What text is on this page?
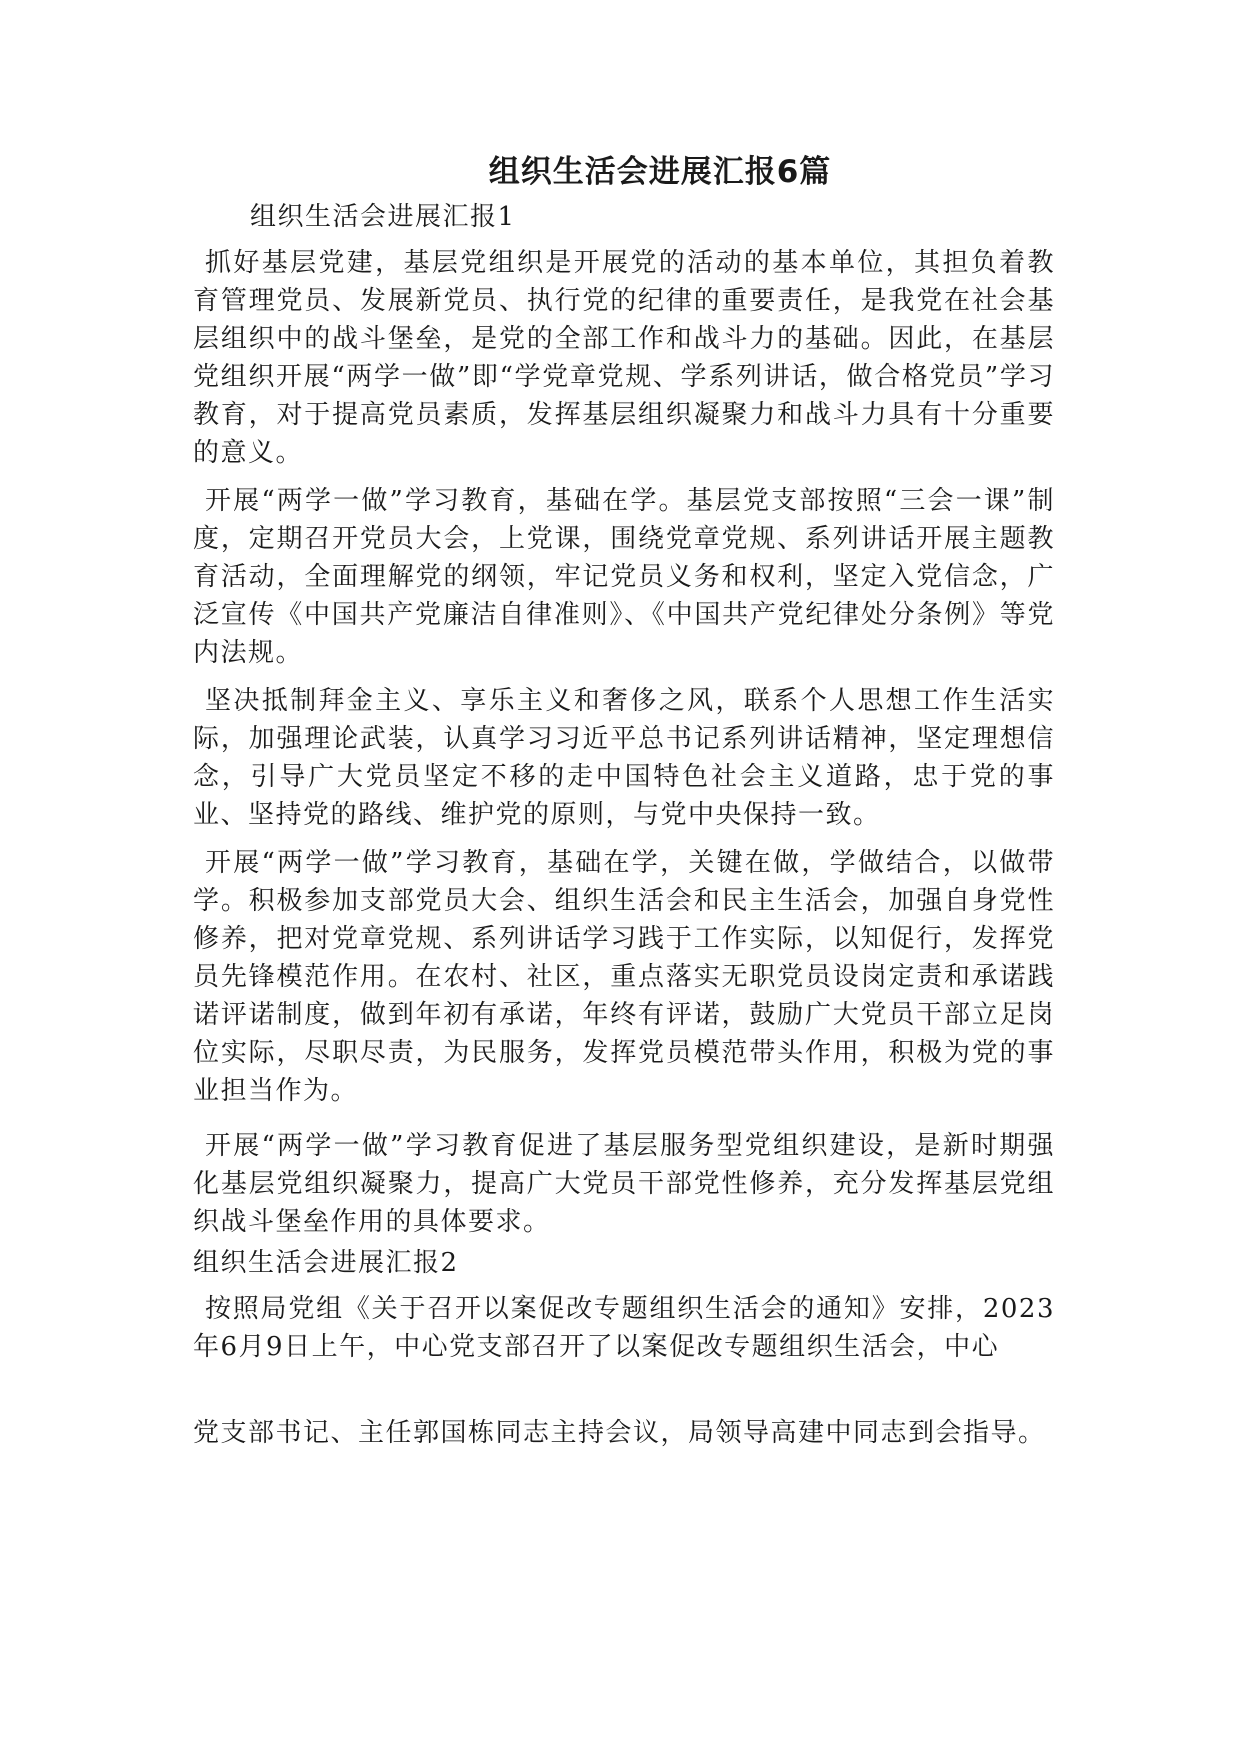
组织生活会进展汇报6篇

组织生活会进展汇报1

抓好基层党建，基层党组织是开展党的活动的基本单位，其担负着教育管理党员、发展新党员、执行党的纪律的重要责任，是我党在社会基层组织中的战斗堡垒，是党的全部工作和战斗力的基础。因此，在基层党组织开展“两学一做”即“学党章党规、学系列讲话，做合格党员”学习教育，对于提高党员素质，发挥基层组织凝聚力和战斗力具有十分重要的意义。

开展“两学一做”学习教育，基础在学。基层党支部按照“三会一课”制度，定期召开党员大会，上党课，围绕党章党规、系列讲话开展主题教育活动，全面理解党的纲领，牢记党员义务和权利，坚定入党信念，广泛宣传《中国共产党廉洁自律准则》、《中国共产党纪律处分条例》等党内法规。

坚决抵制拜金主义、享乐主义和奢侈之风，联系个人思想工作生活实际，加强理论武装，认真学习习近平总书记系列讲话精神，坚定理想信念，引导广大党员坚定不移的走中国特色社会主义道路，忠于党的事业、坚持党的路线、维护党的原则，与党中央保持一致。

开展“两学一做”学习教育，基础在学，关键在做，学做结合，以做带学。积极参加支部党员大会、组织生活会和民主生活会，加强自身党性修养，把对党章党规、系列讲话学习践于工作实际，以知促行，发挥党员先锋模范作用。在农村、社区，重点落实无职党员设岗定责和承诺践诺评诺制度，做到年初有承诺，年终有评诺，鼓励广大党员干部立足岗位实际，尽职尽责，为民服务，发挥党员模范带头作用，积极为党的事业担当作为。

开展“两学一做”学习教育促进了基层服务型党组织建设，是新时期强化基层党组织凝聚力，提高广大党员干部党性修养，充分发挥基层党组织战斗堡垒作用的具体要求。

组织生活会进展汇报2

按照局党组《关于召开以案促改专题组织生活会的通知》安排，2023年6月9日上午，中心党支部召开了以案促改专题组织生活会，中心

党支部书记、主任郭国栋同志主持会议，局领导高建中同志到会指导。
